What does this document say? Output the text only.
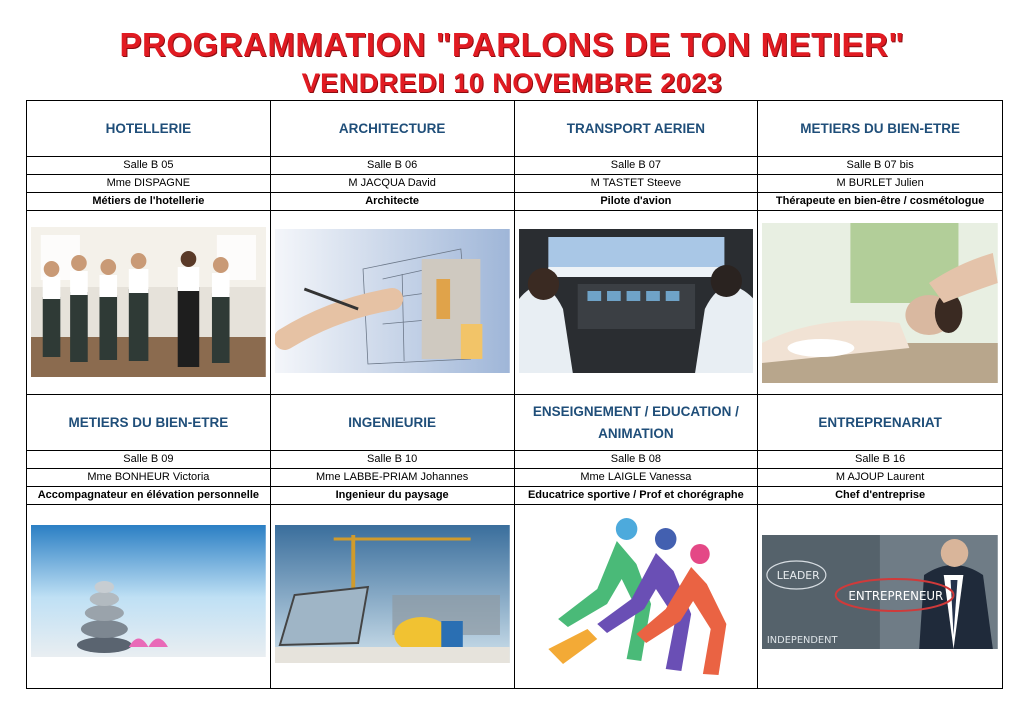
PROGRAMMATION "PARLONS DE TON METIER"
VENDREDI 10 NOVEMBRE 2023
HOTELLERIE
Salle B 05
Mme DISPAGNE
Métiers de l'hotellerie
ARCHITECTURE
Salle B 06
M JACQUA David
Architecte
TRANSPORT AERIEN
Salle B 07
M TASTET Steeve
Pilote d'avion
METIERS DU BIEN-ETRE
Salle B 07 bis
M BURLET Julien
Thérapeute en bien-être / cosmétologue
METIERS DU BIEN-ETRE
Salle B 09
Mme BONHEUR Victoria
Accompagnateur en élévation personnelle
INGENIEURIE
Salle B 10
Mme LABBE-PRIAM Johannes
Ingenieur du paysage
ENSEIGNEMENT / EDUCATION / ANIMATION
Salle B 08
Mme LAIGLE Vanessa
Educatrice sportive / Prof et chorégraphe
ENTREPRENARIAT
Salle B 16
M AJOUP Laurent
Chef d'entreprise
LEADER
ENTREPRENEUR
INDEPENDENT
